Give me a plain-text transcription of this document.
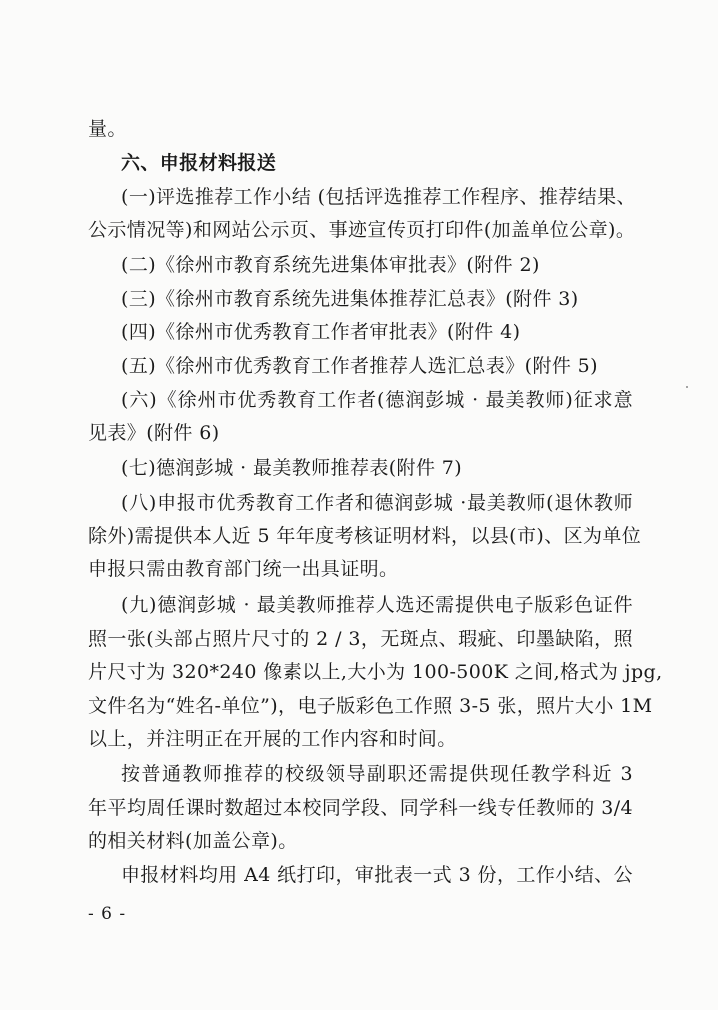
量。
六、申报材料报送
(一)评选推荐工作小结 (包括评选推荐工作程序、推荐结果、
公示情况等)和网站公示页、事迹宣传页打印件(加盖单位公章)。
(二)《徐州市教育系统先进集体审批表》(附件 2)
(三)《徐州市教育系统先进集体推荐汇总表》(附件 3)
(四)《徐州市优秀教育工作者审批表》(附件 4)
(五)《徐州市优秀教育工作者推荐人选汇总表》(附件 5)
(六)《徐州市优秀教育工作者(德润彭城 · 最美教师)征求意
见表》(附件 6)
(七)德润彭城 · 最美教师推荐表(附件 7)
(八)申报市优秀教育工作者和德润彭城 ·最美教师(退休教师
除外)需提供本人近 5 年年度考核证明材料，以县(市)、区为单位
申报只需由教育部门统一出具证明。
(九)德润彭城 · 最美教师推荐人选还需提供电子版彩色证件
照一张(头部占照片尺寸的 2 / 3，无斑点、瑕疵、印墨缺陷，照
片尺寸为 320*240 像素以上,大小为 100-500K 之间,格式为 jpg,
文件名为“姓名-单位”)，电子版彩色工作照 3-5 张，照片大小 1M
以上，并注明正在开展的工作内容和时间。
按普通教师推荐的校级领导副职还需提供现任教学科近 3
年平均周任课时数超过本校同学段、同学科一线专任教师的 3/4
的相关材料(加盖公章)。
申报材料均用 A4 纸打印，审批表一式 3 份，工作小结、公
- 6 -
